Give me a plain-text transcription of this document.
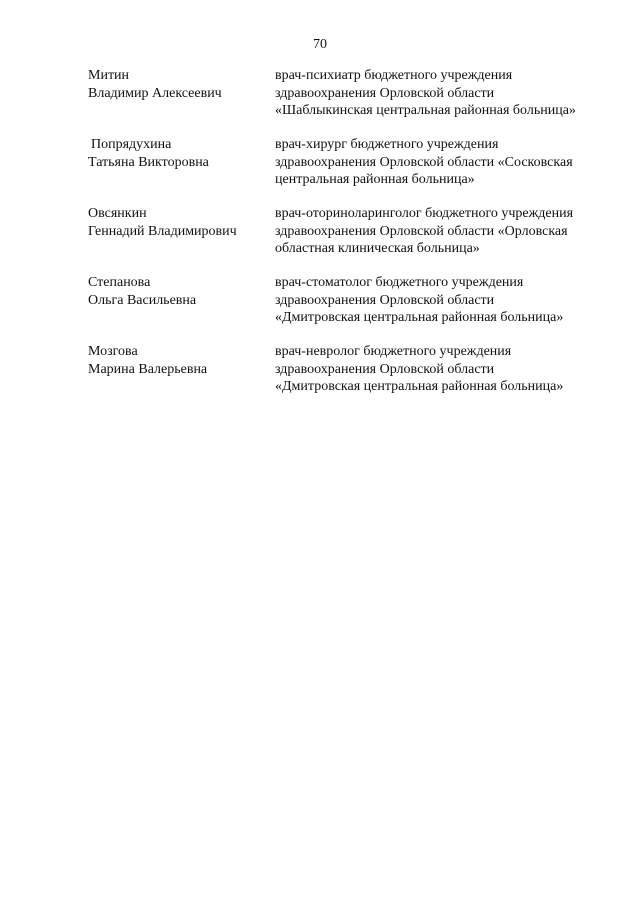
70
Митин
Владимир Алексеевич
врач-психиатр бюджетного учреждения
здравоохранения Орловской области
«Шаблыкинская центральная районная больница»
Попрядухина
Татьяна Викторовна
врач-хирург бюджетного учреждения
здравоохранения Орловской области «Сосковская
центральная районная больница»
Овсянкин
Геннадий Владимирович
врач-оториноларинголог бюджетного учреждения
здравоохранения Орловской области «Орловская
областная клиническая больница»
Степанова
Ольга Васильевна
врач-стоматолог бюджетного учреждения
здравоохранения Орловской области
«Дмитровская центральная районная больница»
Мозгова
Марина Валерьевна
врач-невролог бюджетного учреждения
здравоохранения Орловской области
«Дмитровская центральная районная больница»
